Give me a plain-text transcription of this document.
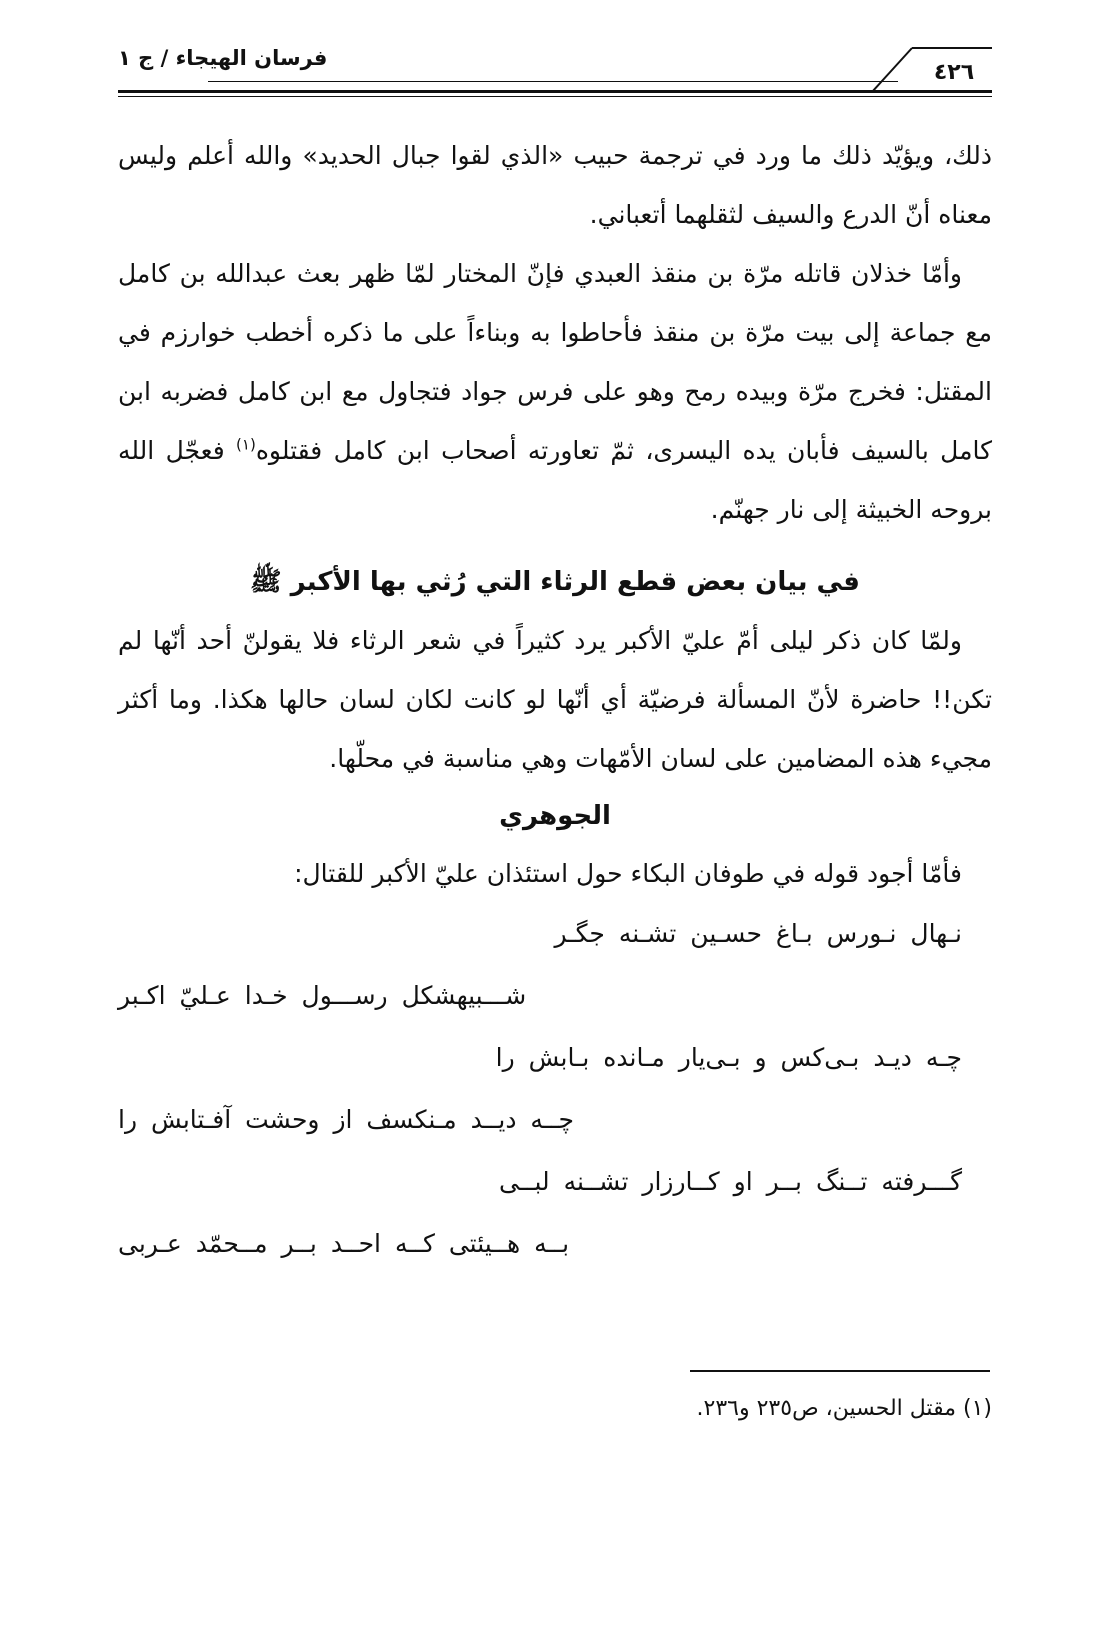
فرسان الهيجاء / ج ١
٤٢٦

ذلك، ويؤيّد ذلك ما ورد في ترجمة حبيب «الذي لقوا جبال الحديد» والله أعلم وليس معناه أنّ الدرع والسيف لثقلهما أتعباني.

وأمّا خذلان قاتله مرّة بن منقذ العبدي فإنّ المختار لمّا ظهر بعث عبدالله بن كامل مع جماعة إلى بيت مرّة بن منقذ فأحاطوا به وبناءاً على ما ذكره أخطب خوارزم في المقتل: فخرج مرّة وبيده رمح وهو على فرس جواد فتجاول مع ابن كامل فضربه ابن كامل بالسيف فأبان يده اليسرى، ثمّ تعاورته أصحاب ابن كامل فقتلوه$^{(١)}$ فعجّل الله بروحه الخبيثة إلى نار جهنّم.

في بيان بعض قطع الرثاء التي رُثي بها الأكبر ﷺ

ولمّا كان ذكر ليلى أمّ عليّ الأكبر يرد كثيراً في شعر الرثاء فلا يقولنّ أحد أنّها لم تكن!! حاضرة لأنّ المسألة فرضيّة أي أنّها لو كانت لكان لسان حالها هكذا. وما أكثر مجيء هذه المضامين على لسان الأمّهات وهي مناسبة في محلّها.

الجوهري

فأمّا أجود قوله في طوفان البكاء حول استئذان عليّ الأكبر للقتال:

نـهال نـورس بـاغ حسـين تشـنه جگـر

شـــبيهشكل رســـول خـدا عـليّ اكـبر

چـه ديـد بـى‌كس و بـى‌يار مـانده بـابش را

چــه ديــد مـنكسف از وحشت آفـتابش را

گـــرفته تــنگ بــر او كــارزار تشــنه لبــى

بــه هــيئتى كــه احــد بــر مــحمّد عـربى

(١) مقتل الحسين، ص٢٣٥ و٢٣٦.
